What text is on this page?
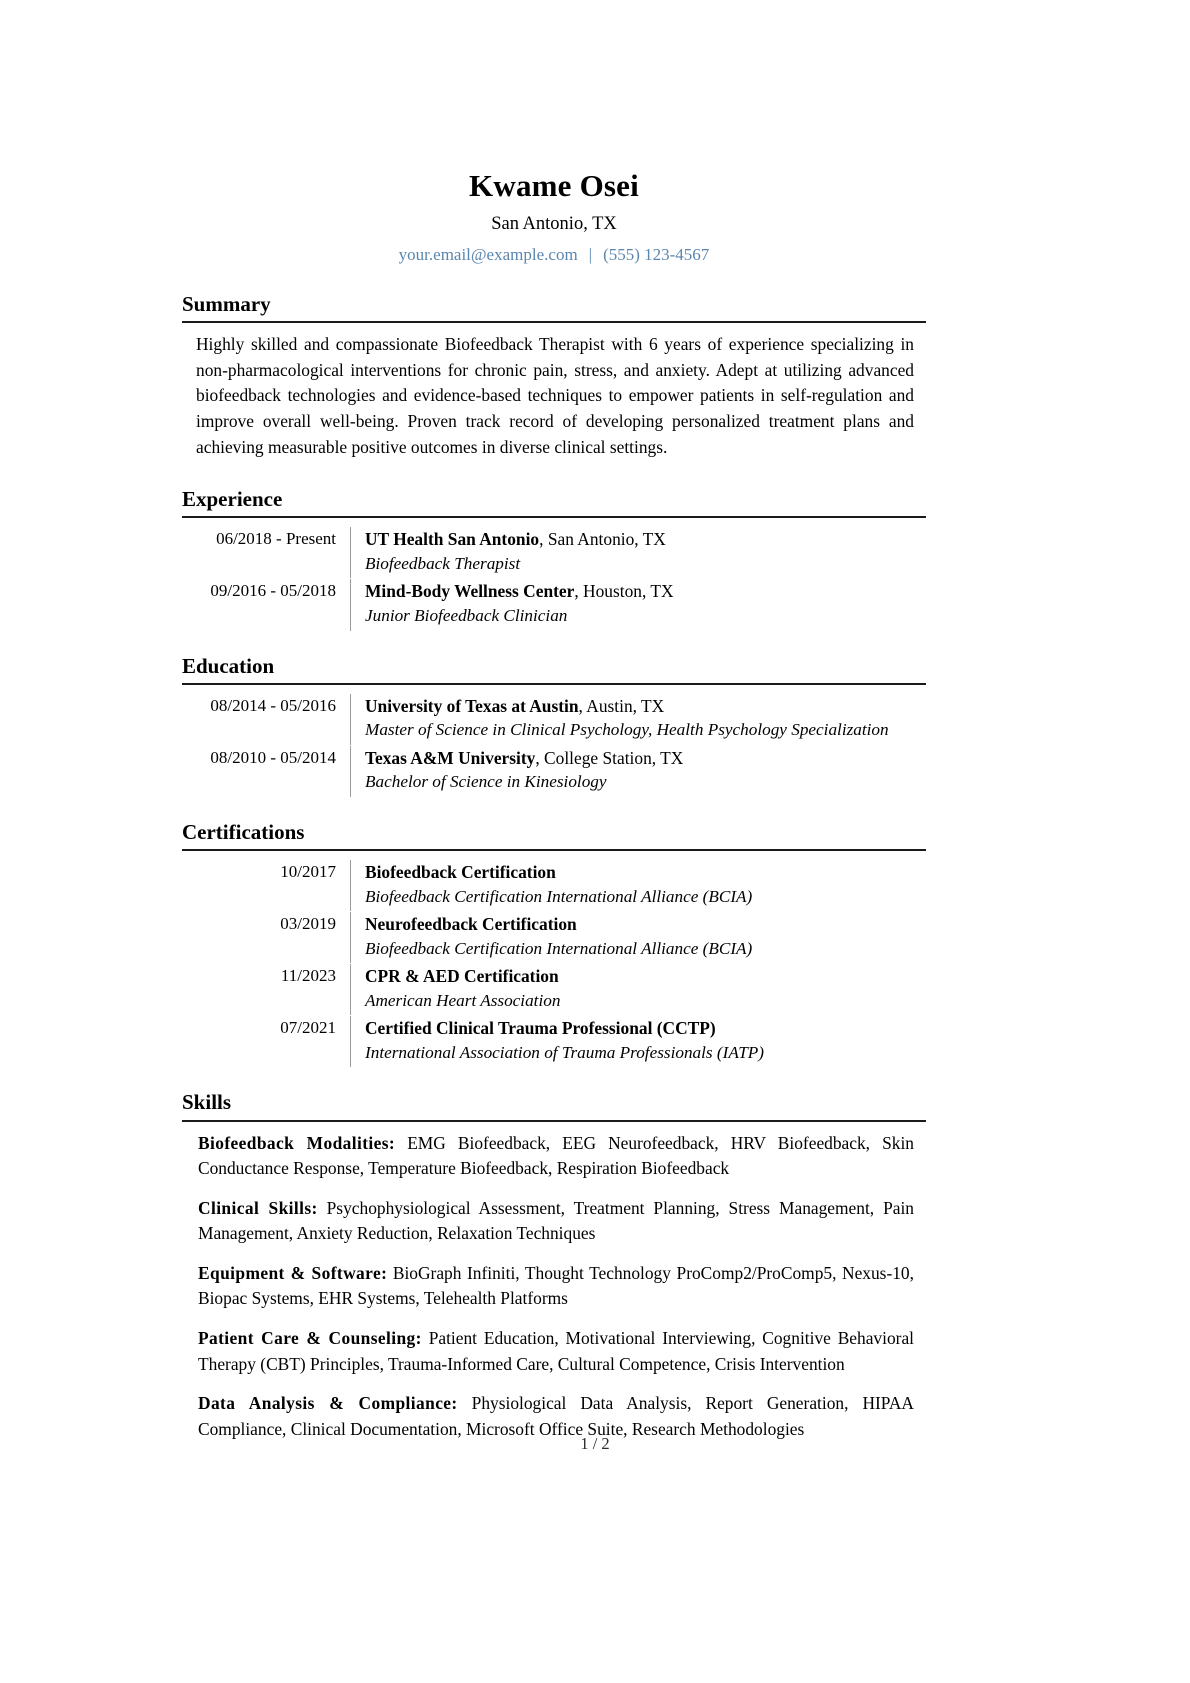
Kwame Osei
San Antonio, TX
your.email@example.com | (555) 123-4567
Summary
Highly skilled and compassionate Biofeedback Therapist with 6 years of experience specializing in non-pharmacological interventions for chronic pain, stress, and anxiety. Adept at utilizing advanced biofeedback technologies and evidence-based techniques to empower patients in self-regulation and improve overall well-being. Proven track record of developing personalized treatment plans and achieving measurable positive outcomes in diverse clinical settings.
Experience
06/2018 - Present	UT Health San Antonio, San Antonio, TX
Biofeedback Therapist
09/2016 - 05/2018	Mind-Body Wellness Center, Houston, TX
Junior Biofeedback Clinician
Education
08/2014 - 05/2016	University of Texas at Austin, Austin, TX
Master of Science in Clinical Psychology, Health Psychology Specialization
08/2010 - 05/2014	Texas A&M University, College Station, TX
Bachelor of Science in Kinesiology
Certifications
10/2017	Biofeedback Certification
Biofeedback Certification International Alliance (BCIA)
03/2019	Neurofeedback Certification
Biofeedback Certification International Alliance (BCIA)
11/2023	CPR & AED Certification
American Heart Association
07/2021	Certified Clinical Trauma Professional (CCTP)
International Association of Trauma Professionals (IATP)
Skills
Biofeedback Modalities: EMG Biofeedback, EEG Neurofeedback, HRV Biofeedback, Skin Conductance Response, Temperature Biofeedback, Respiration Biofeedback
Clinical Skills: Psychophysiological Assessment, Treatment Planning, Stress Management, Pain Management, Anxiety Reduction, Relaxation Techniques
Equipment & Software: BioGraph Infiniti, Thought Technology ProComp2/ProComp5, Nexus-10, Biopac Systems, EHR Systems, Telehealth Platforms
Patient Care & Counseling: Patient Education, Motivational Interviewing, Cognitive Behavioral Therapy (CBT) Principles, Trauma-Informed Care, Cultural Competence, Crisis Intervention
Data Analysis & Compliance: Physiological Data Analysis, Report Generation, HIPAA Compliance, Clinical Documentation, Microsoft Office Suite, Research Methodologies
1 / 2
